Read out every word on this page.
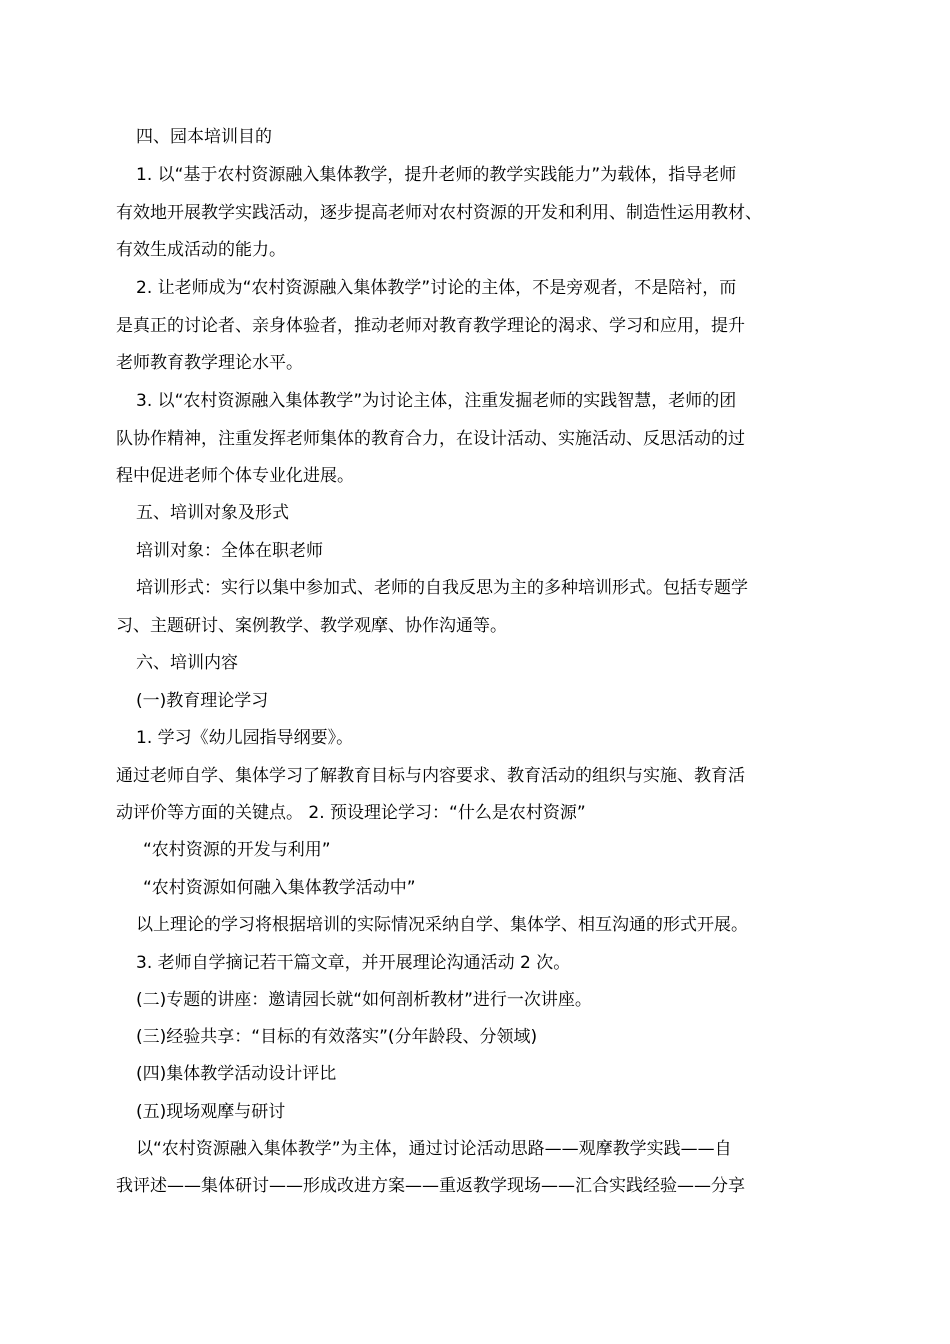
四、园本培训目的
1. 以“基于农村资源融入集体教学，提升老师的教学实践能力”为载体，指导老师
有效地开展教学实践活动，逐步提高老师对农村资源的开发和利用、制造性运用教材、
有效生成活动的能力。
2. 让老师成为“农村资源融入集体教学”讨论的主体，不是旁观者，不是陪衬，而
是真正的讨论者、亲身体验者，推动老师对教育教学理论的渴求、学习和应用，提升
老师教育教学理论水平。
3. 以“农村资源融入集体教学”为讨论主体，注重发掘老师的实践智慧，老师的团
队协作精神，注重发挥老师集体的教育合力，在设计活动、实施活动、反思活动的过
程中促进老师个体专业化进展。
五、培训对象及形式
培训对象：全体在职老师
培训形式：实行以集中参加式、老师的自我反思为主的多种培训形式。包括专题学
习、主题研讨、案例教学、教学观摩、协作沟通等。
六、培训内容
(一)教育理论学习
1. 学习《幼儿园指导纲要》。
通过老师自学、集体学习了解教育目标与内容要求、教育活动的组织与实施、教育活
动评价等方面的关键点。 2. 预设理论学习：“什么是农村资源”
“农村资源的开发与利用”
“农村资源如何融入集体教学活动中”
以上理论的学习将根据培训的实际情况采纳自学、集体学、相互沟通的形式开展。
3. 老师自学摘记若干篇文章，并开展理论沟通活动 2 次。
(二)专题的讲座：邀请园长就“如何剖析教材”进行一次讲座。
(三)经验共享：“目标的有效落实”(分年龄段、分领域)
(四)集体教学活动设计评比
(五)现场观摩与研讨
以“农村资源融入集体教学”为主体，通过讨论活动思路——观摩教学实践——自
我评述——集体研讨——形成改进方案——重返教学现场——汇合实践经验——分享
